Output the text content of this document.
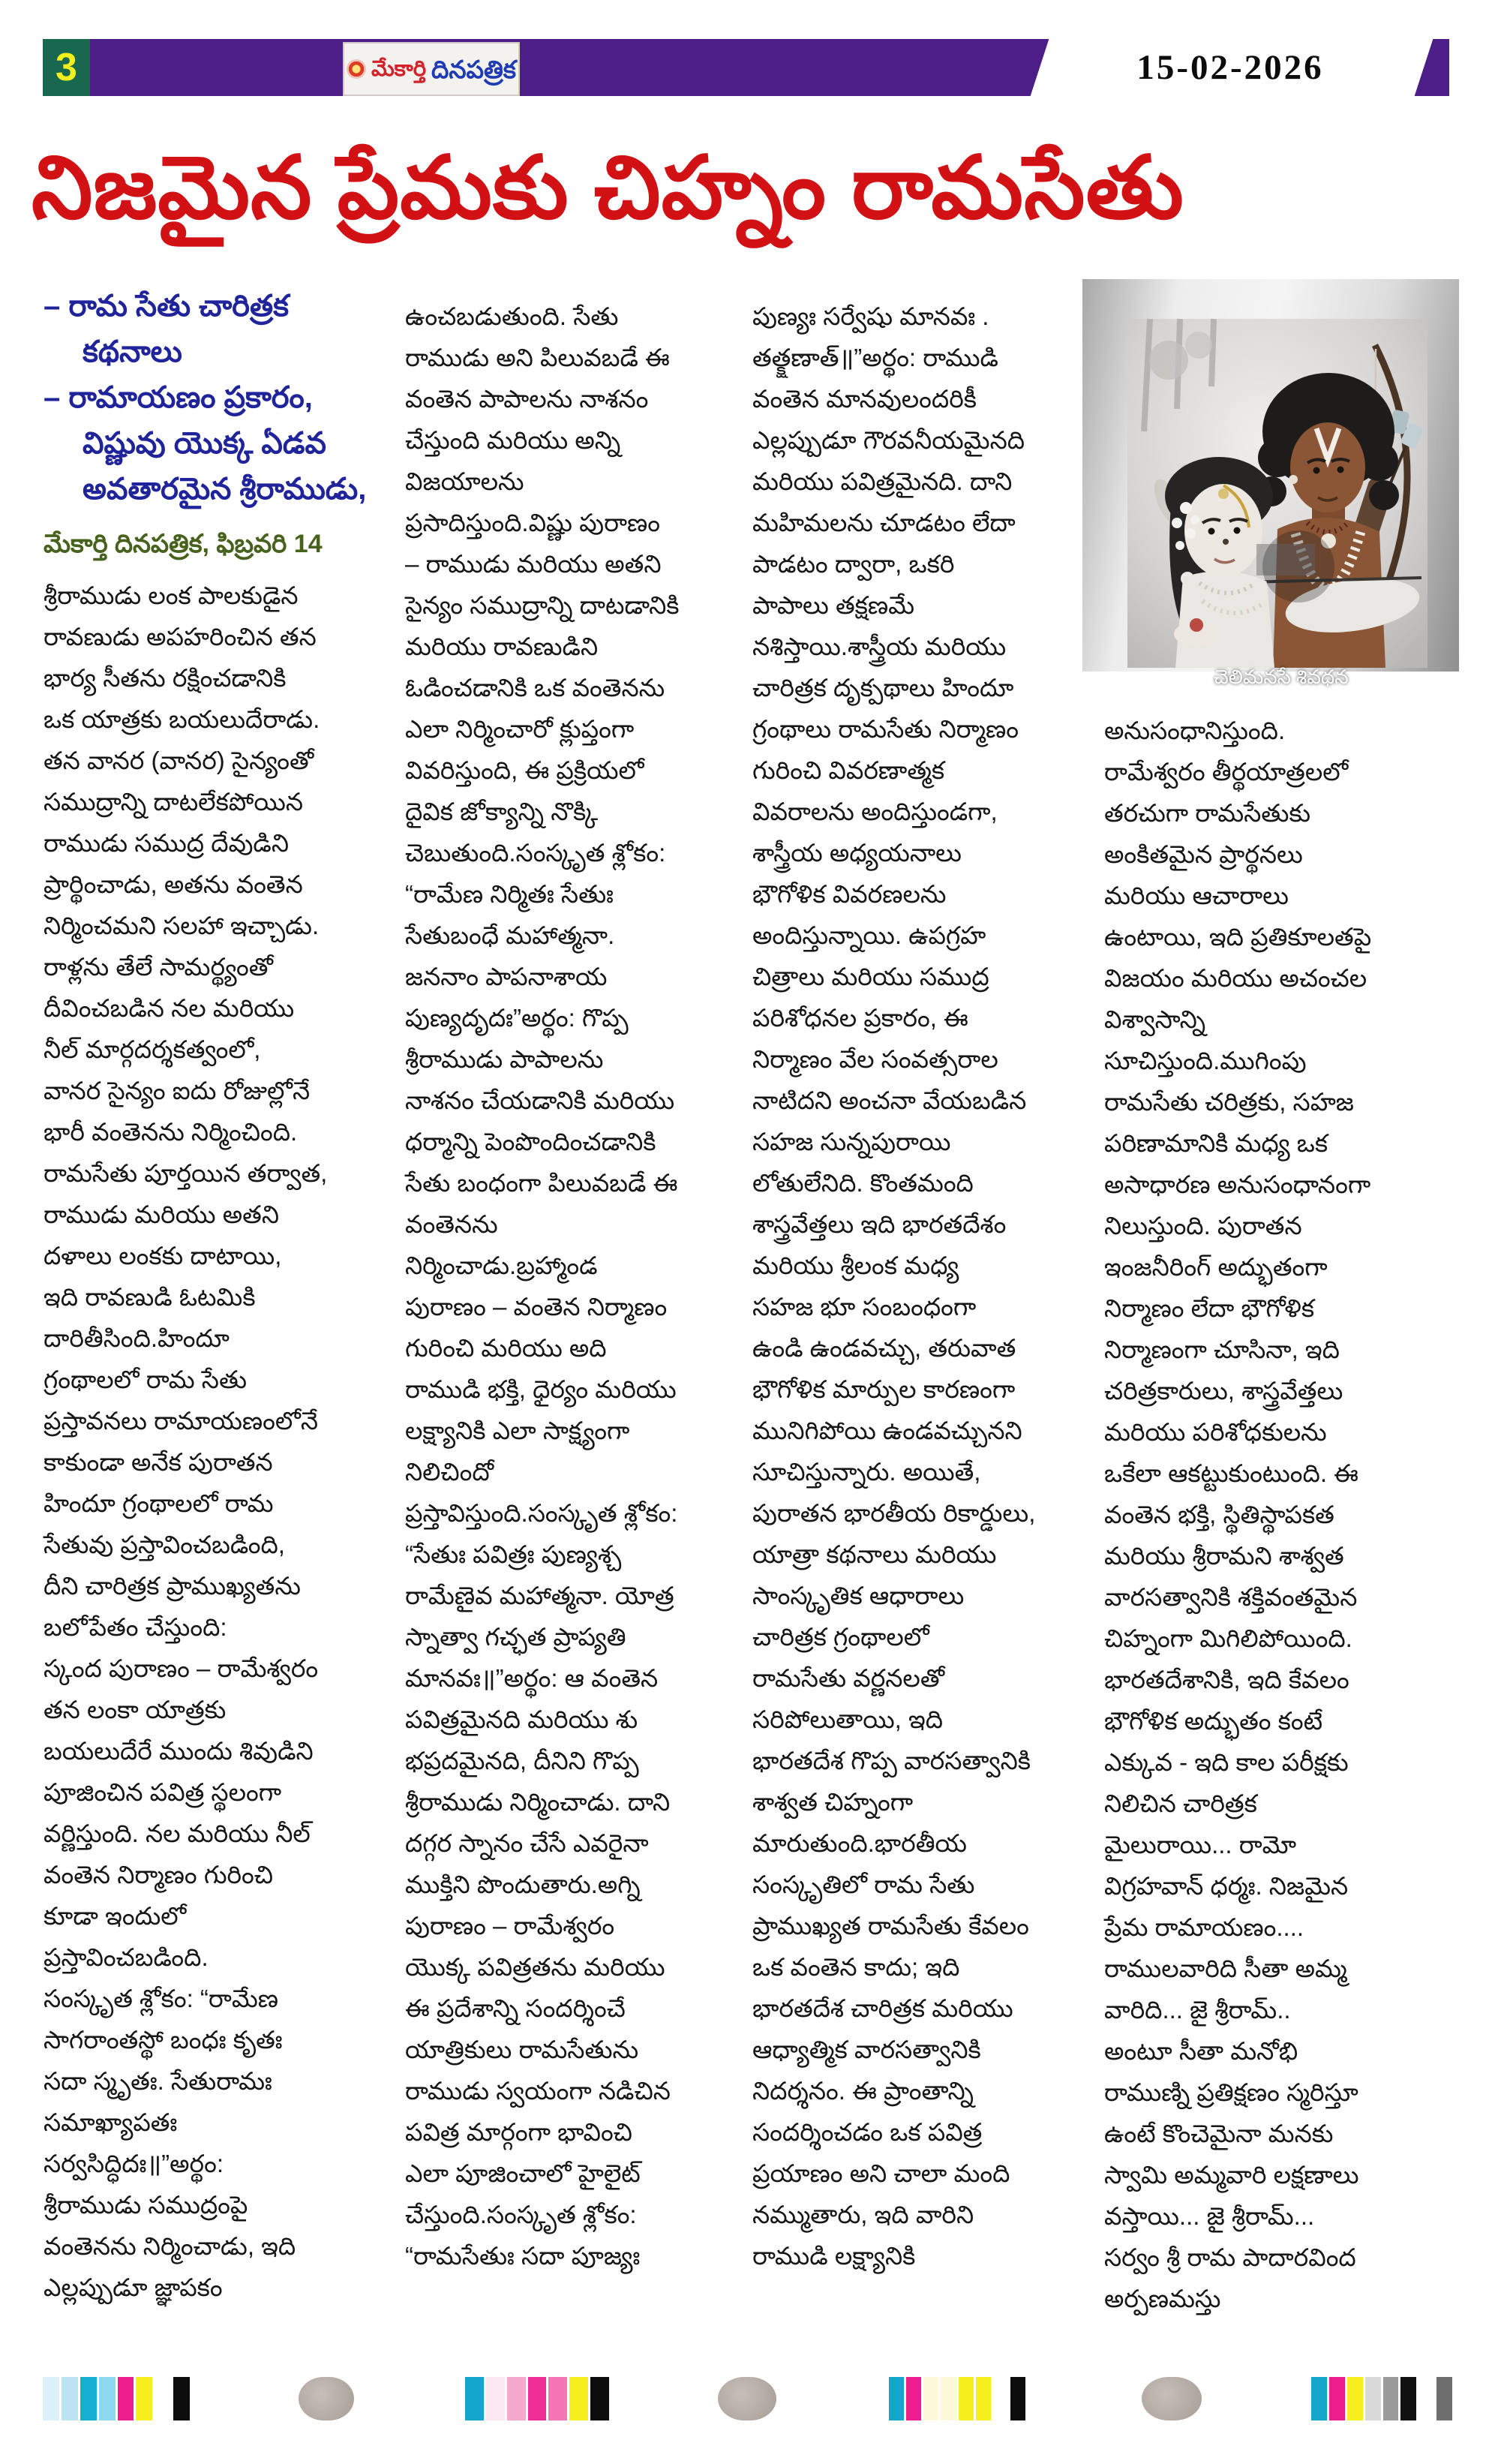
3	మేకార్తి దినపత్రిక	15-02-2026
నిజమైన ప్రేమకు చిహ్నం రామసేతు
– రామ సేతు చారిత్రక
కథనాలు
– రామాయణం ప్రకారం,
విష్ణువు యొక్క ఏడవ
అవతారమైన శ్రీరాముడు,
మేకార్తి దినపత్రిక, ఫిబ్రవరి 14
శ్రీరాముడు లంక పాలకుడైన
రావణుడు అపహరించిన తన
భార్య సీతను రక్షించడానికి
ఒక యాత్రకు బయలుదేరాడు.
తన వానర (వానర) సైన్యంతో
సముద్రాన్ని దాటలేకపోయిన
రాముడు సముద్ర దేవుడిని
ప్రార్థించాడు, అతను వంతెన
నిర్మించమని సలహా ఇచ్చాడు.
రాళ్లను తేలే సామర్థ్యంతో
దీవించబడిన నల మరియు
నీల్ మార్గదర్శకత్వంలో,
వానర సైన్యం ఐదు రోజుల్లోనే
భారీ వంతెనను నిర్మించింది.
రామసేతు పూర్తయిన తర్వాత,
రాముడు మరియు అతని
దళాలు లంకకు దాటాయి,
ఇది రావణుడి ఓటమికి
దారితీసింది.హిందూ
గ్రంథాలలో రామ సేతు
ప్రస్తావనలు రామాయణంలోనే
కాకుండా అనేక పురాతన
హిందూ గ్రంథాలలో రామ
సేతువు ప్రస్తావించబడింది,
దీని చారిత్రక ప్రాముఖ్యతను
బలోపేతం చేస్తుంది:
స్కంద పురాణం – రామేశ్వరం
తన లంకా యాత్రకు
బయలుదేరే ముందు శివుడిని
పూజించిన పవిత్ర స్థలంగా
వర్ణిస్తుంది. నల మరియు నీల్
వంతెన నిర్మాణం గురించి
కూడా ఇందులో
ప్రస్తావించబడింది.
సంస్కృత శ్లోకం: “రామేణ
సాగరాంతస్థో బంధః కృతః
సదా స్మృతః. సేతురామః
సమాఖ్యాపతః
సర్వసిద్ధిదః॥”అర్థం:
శ్రీరాముడు సముద్రంపై
వంతెనను నిర్మించాడు, ఇది
ఎల్లప్పుడూ జ్ఞాపకం
ఉంచబడుతుంది. సేతు
రాముడు అని పిలువబడే ఈ
వంతెన పాపాలను నాశనం
చేస్తుంది మరియు అన్ని
విజయాలను
ప్రసాదిస్తుంది.విష్ణు పురాణం
– రాముడు మరియు అతని
సైన్యం సముద్రాన్ని దాటడానికి
మరియు రావణుడిని
ఓడించడానికి ఒక వంతెనను
ఎలా నిర్మించారో క్లుప్తంగా
వివరిస్తుంది, ఈ ప్రక్రియలో
దైవిక జోక్యాన్ని నొక్కి
చెబుతుంది.సంస్కృత శ్లోకం:
“రామేణ నిర్మితః సేతుః
సేతుబంధే మహాత్మనా.
జననాం పాపనాశాయ
పుణ్యదృదః”అర్థం: గొప్ప
శ్రీరాముడు పాపాలను
నాశనం చేయడానికి మరియు
ధర్మాన్ని పెంపొందించడానికి
సేతు బంధంగా పిలువబడే ఈ
వంతెనను
నిర్మించాడు.బ్రహ్మాండ
పురాణం – వంతెన నిర్మాణం
గురించి మరియు అది
రాముడి భక్తి, ధైర్యం మరియు
లక్ష్యానికి ఎలా సాక్ష్యంగా
నిలిచిందో
ప్రస్తావిస్తుంది.సంస్కృత శ్లోకం:
“సేతుః పవిత్రః పుణ్యశ్చ
రామేణైవ మహాత్మనా. యోత్ర
స్నాత్వా గచ్ఛత ప్రాప్యతి
మానవః॥”అర్థం: ఆ వంతెన
పవిత్రమైనది మరియు శు
భప్రదమైనది, దీనిని గొప్ప
శ్రీరాముడు నిర్మించాడు. దాని
దగ్గర స్నానం చేసే ఎవరైనా
ముక్తిని పొందుతారు.అగ్ని
పురాణం – రామేశ్వరం
యొక్క పవిత్రతను మరియు
ఈ ప్రదేశాన్ని సందర్శించే
యాత్రికులు రామసేతును
రాముడు స్వయంగా నడిచిన
పవిత్ర మార్గంగా భావించి
ఎలా పూజించాలో హైలైట్
చేస్తుంది.సంస్కృత శ్లోకం:
“రామసేతుః సదా పూజ్యః
పుణ్యః సర్వేషు మానవః .
తత్క్షణాత్॥”అర్థం: రాముడి
వంతెన మానవులందరికీ
ఎల్లప్పుడూ గౌరవనీయమైనది
మరియు పవిత్రమైనది. దాని
మహిమలను చూడటం లేదా
పాడటం ద్వారా, ఒకరి
పాపాలు తక్షణమే
నశిస్తాయి.శాస్త్రీయ మరియు
చారిత్రక దృక్పథాలు హిందూ
గ్రంథాలు రామసేతు నిర్మాణం
గురించి వివరణాత్మక
వివరాలను అందిస్తుండగా,
శాస్త్రీయ అధ్యయనాలు
భౌగోళిక వివరణలను
అందిస్తున్నాయి. ఉపగ్రహ
చిత్రాలు మరియు సముద్ర
పరిశోధనల ప్రకారం, ఈ
నిర్మాణం వేల సంవత్సరాల
నాటిదని అంచనా వేయబడిన
సహజ సున్నపురాయి
లోతులేనిది. కొంతమంది
శాస్త్రవేత్తలు ఇది భారతదేశం
మరియు శ్రీలంక మధ్య
సహజ భూ సంబంధంగా
ఉండి ఉండవచ్చు, తరువాత
భౌగోళిక మార్పుల కారణంగా
మునిగిపోయి ఉండవచ్చునని
సూచిస్తున్నారు. అయితే,
పురాతన భారతీయ రికార్డులు,
యాత్రా కథనాలు మరియు
సాంస్కృతిక ఆధారాలు
చారిత్రక గ్రంథాలలో
రామసేతు వర్ణనలతో
సరిపోలుతాయి, ఇది
భారతదేశ గొప్ప వారసత్వానికి
శాశ్వత చిహ్నంగా
మారుతుంది.భారతీయ
సంస్కృతిలో రామ సేతు
ప్రాముఖ్యత రామసేతు కేవలం
ఒక వంతెన కాదు; ఇది
భారతదేశ చారిత్రక మరియు
ఆధ్యాత్మిక వారసత్వానికి
నిదర్శనం. ఈ ప్రాంతాన్ని
సందర్శించడం ఒక పవిత్ర
ప్రయాణం అని చాలా మంది
నమ్ముతారు, ఇది వారిని
రాముడి లక్ష్యానికి
అనుసంధానిస్తుంది.
రామేశ్వరం తీర్థయాత్రలలో
తరచుగా రామసేతుకు
అంకితమైన ప్రార్థనలు
మరియు ఆచారాలు
ఉంటాయి, ఇది ప్రతికూలతపై
విజయం మరియు అచంచల
విశ్వాసాన్ని
సూచిస్తుంది.ముగింపు
రామసేతు చరిత్రకు, సహజ
పరిణామానికి మధ్య ఒక
అసాధారణ అనుసంధానంగా
నిలుస్తుంది. పురాతన
ఇంజనీరింగ్ అద్భుతంగా
నిర్మాణం లేదా భౌగోళిక
నిర్మాణంగా చూసినా, ఇది
చరిత్రకారులు, శాస్త్రవేత్తలు
మరియు పరిశోధకులను
ఒకేలా ఆకట్టుకుంటుంది. ఈ
వంతెన భక్తి, స్థితిస్థాపకత
మరియు శ్రీరామని శాశ్వత
వారసత్వానికి శక్తివంతమైన
చిహ్నంగా మిగిలిపోయింది.
భారతదేశానికి, ఇది కేవలం
భౌగోళిక అద్భుతం కంటే
ఎక్కువ - ఇది కాల పరీక్షకు
నిలిచిన చారిత్రక
మైలురాయి... రామో
విగ్రహవాన్ ధర్మః. నిజమైన
ప్రేమ రామాయణం....
రాములవారిది సీతా అమ్మ
వారిది... జై శ్రీరామ్..
అంటూ సీతా మనోభి
రాముణ్ని ప్రతిక్షణం స్మరిస్తూ
ఉంటే కొంచెమైనా మనకు
స్వామి అమ్మవారి లక్షణాలు
వస్తాయి... జై శ్రీరామ్...
సర్వం శ్రీ రామ పాదారవింద
అర్పణమస్తు
చెలిమనసే శివధన
